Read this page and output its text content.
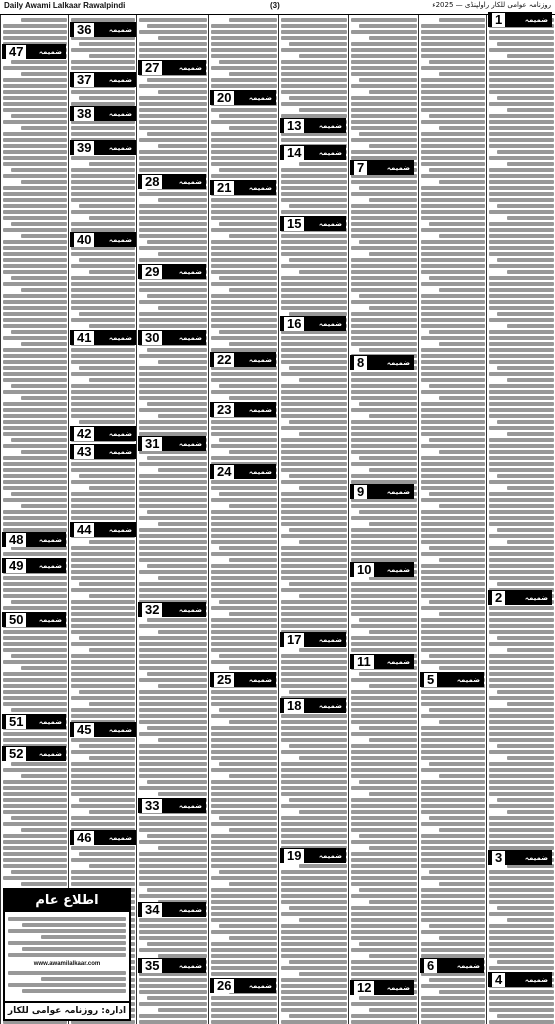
Daily Awami Lalkaar Rawalpindi	(3)	روزنامہ عوامی للکار راولپنڈی — 2025ء
1	ضمیمہ
2	ضمیمہ
3	ضمیمہ
4	ضمیمہ
5	ضمیمہ
6	ضمیمہ
7	ضمیمہ
8	ضمیمہ
9	ضمیمہ
10	ضمیمہ
11	ضمیمہ
12	ضمیمہ
13	ضمیمہ
14	ضمیمہ
15	ضمیمہ
16	ضمیمہ
17	ضمیمہ
18	ضمیمہ
19	ضمیمہ
20	ضمیمہ
21	ضمیمہ
22	ضمیمہ
23	ضمیمہ
24	ضمیمہ
25	ضمیمہ
26	ضمیمہ
27	ضمیمہ
28	ضمیمہ
29	ضمیمہ
30	ضمیمہ
31	ضمیمہ
32	ضمیمہ
33	ضمیمہ
34	ضمیمہ
35	ضمیمہ
36	ضمیمہ
37	ضمیمہ
38	ضمیمہ
39	ضمیمہ
40	ضمیمہ
41	ضمیمہ
42	ضمیمہ
43	ضمیمہ
44	ضمیمہ
45	ضمیمہ
46	ضمیمہ
47	ضمیمہ
48	ضمیمہ
49	ضمیمہ
50	ضمیمہ
51	ضمیمہ
52	ضمیمہ
اطلاع عام
www.awamilalkaar.com
ادارہ: روزنامہ عوامی للکار
